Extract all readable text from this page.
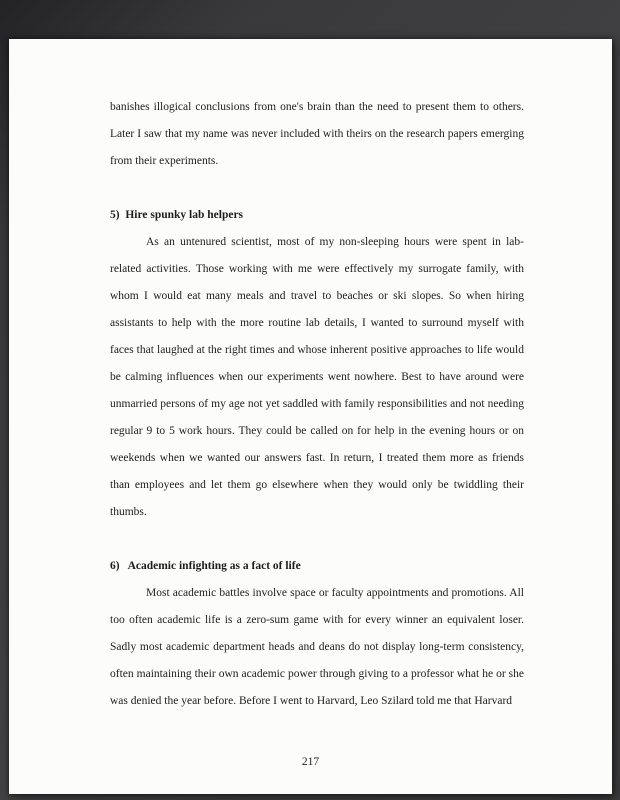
banishes illogical conclusions from one's brain than the need to present them to others. Later I saw that my name was never included with theirs on the research papers emerging from their experiments.

5)  Hire spunky lab helpers

As an untenured scientist, most of my non-sleeping hours were spent in lab-related activities. Those working with me were effectively my surrogate family, with whom I would eat many meals and travel to beaches or ski slopes. So when hiring assistants to help with the more routine lab details, I wanted to surround myself with faces that laughed at the right times and whose inherent positive approaches to life would be calming influences when our experiments went nowhere. Best to have around were unmarried persons of my age not yet saddled with family responsibilities and not needing regular 9 to 5 work hours. They could be called on for help in the evening hours or on weekends when we wanted our answers fast. In return, I treated them more as friends than employees and let them go elsewhere when they would only be twiddling their thumbs.

6)   Academic infighting as a fact of life

Most academic battles involve space or faculty appointments and promotions. All too often academic life is a zero-sum game with for every winner an equivalent loser. Sadly most academic department heads and deans do not display long-term consistency, often maintaining their own academic power through giving to a professor what he or she was denied the year before. Before I went to Harvard, Leo Szilard told me that Harvard

217
